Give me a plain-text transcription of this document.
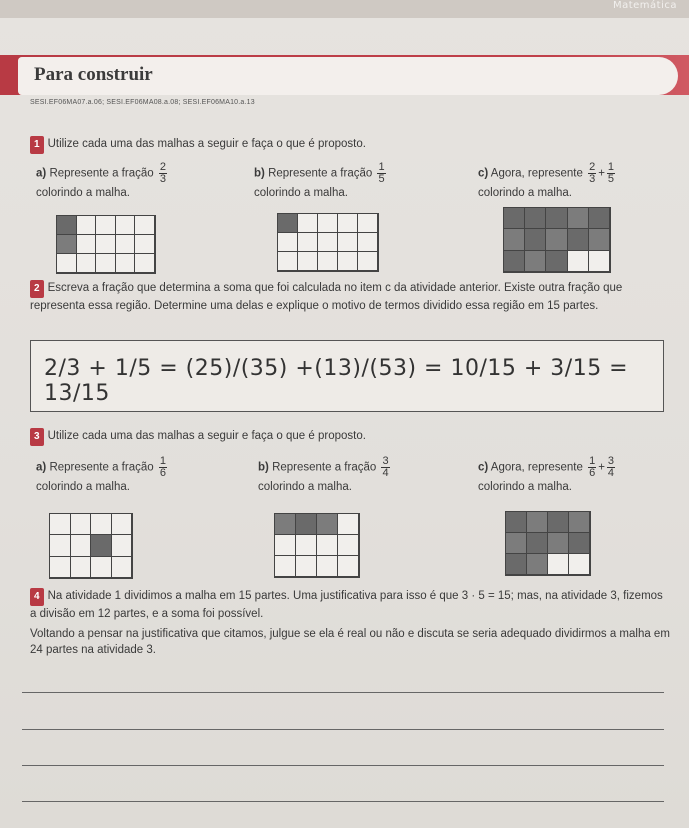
Matemática
Para construir
SESI.EF06MA07.a.06; SESI.EF06MA08.a.08; SESI.EF06MA10.a.13
1 Utilize cada uma das malhas a seguir e faça o que é proposto.
a) Represente a fração $\frac{2}{3}$

colorindo a malha.
b) Represente a fração $\frac{1}{5}$

colorindo a malha.
c) Agora, represente $\frac{2}{3} + \frac{1}{5}$

colorindo a malha.
2 Escreva a fração que determina a soma que foi calculada no item c da atividade anterior. Existe outra fração que representa essa região. Determine uma delas e explique o motivo de termos dividido essa região em 15 partes.
2/3 + 1/5 = (25)/(35) +(13)/(53) = 10/15 + 3/15 = 13/15
3 Utilize cada uma das malhas a seguir e faça o que é proposto.
a) Represente a fração $\frac{1}{6}$

colorindo a malha.
b) Represente a fração $\frac{3}{4}$

colorindo a malha.
c) Agora, represente $\frac{1}{6} + \frac{3}{4}$

colorindo a malha.
4 Na atividade 1 dividimos a malha em 15 partes. Uma justificativa para isso é que 3 · 5 = 15; mas, na atividade 3, fizemos a divisão em 12 partes, e a soma foi possível.
Voltando a pensar na justificativa que citamos, julgue se ela é real ou não e discuta se seria adequado dividirmos a malha em 24 partes na atividade 3.
